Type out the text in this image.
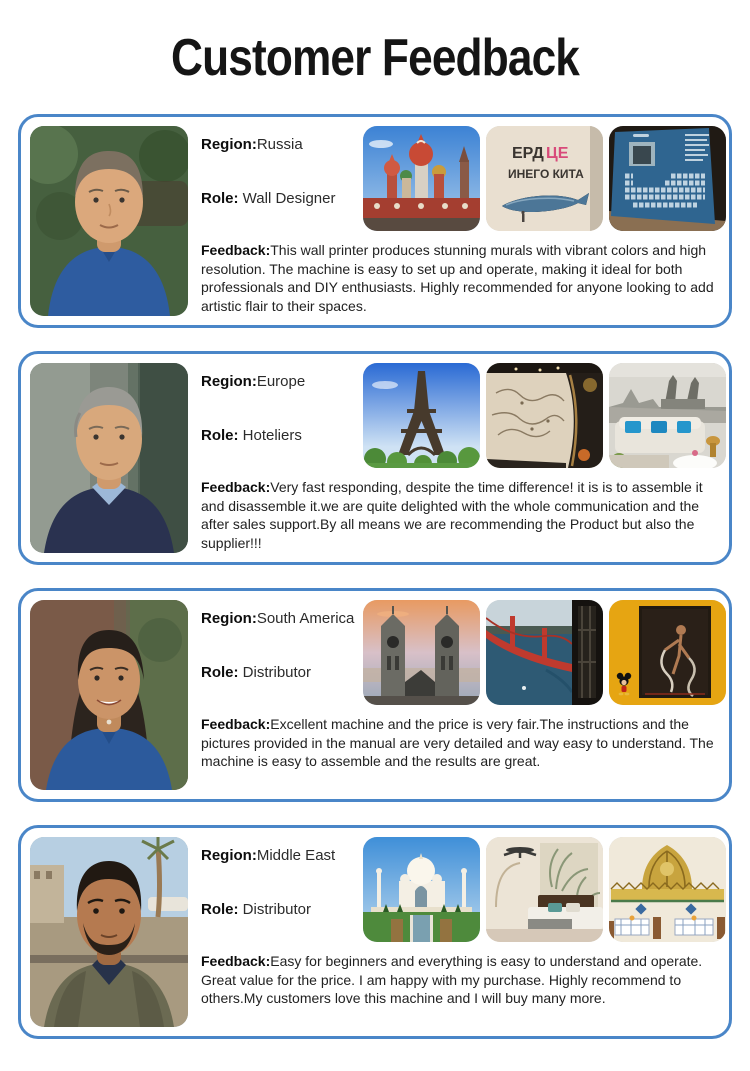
Customer Feedback

Region:Russia

Role: Wall Designer

ЕРД ЦЕ
ИНЕГО КИТА

Feedback:This wall printer produces stunning murals with vibrant colors and high resolution. The machine is easy to set up and operate, making it ideal for both professionals and DIY enthusiasts. Highly recommended for anyone looking to add artistic flair to their spaces.

Region:Europe

Role: Hoteliers

Feedback:Very fast responding, despite the time difference! it is is to assemble it and disassemble it.we are quite delighted with the whole communication and the after sales support.By all means we are recommending the Product but also the supplier!!!

Region:South America

Role: Distributor

Feedback:Excellent machine and the price is very fair.The instructions and the pictures provided in the manual are very detailed and way easy to understand. The machine is easy to assemble and the results are great.

Region:Middle East

Role: Distributor

Feedback:Easy for beginners and everything is easy to understand and operate. Great value for the price. I am happy with my purchase. Highly recommend to others.My customers love this machine and I will buy many more.
